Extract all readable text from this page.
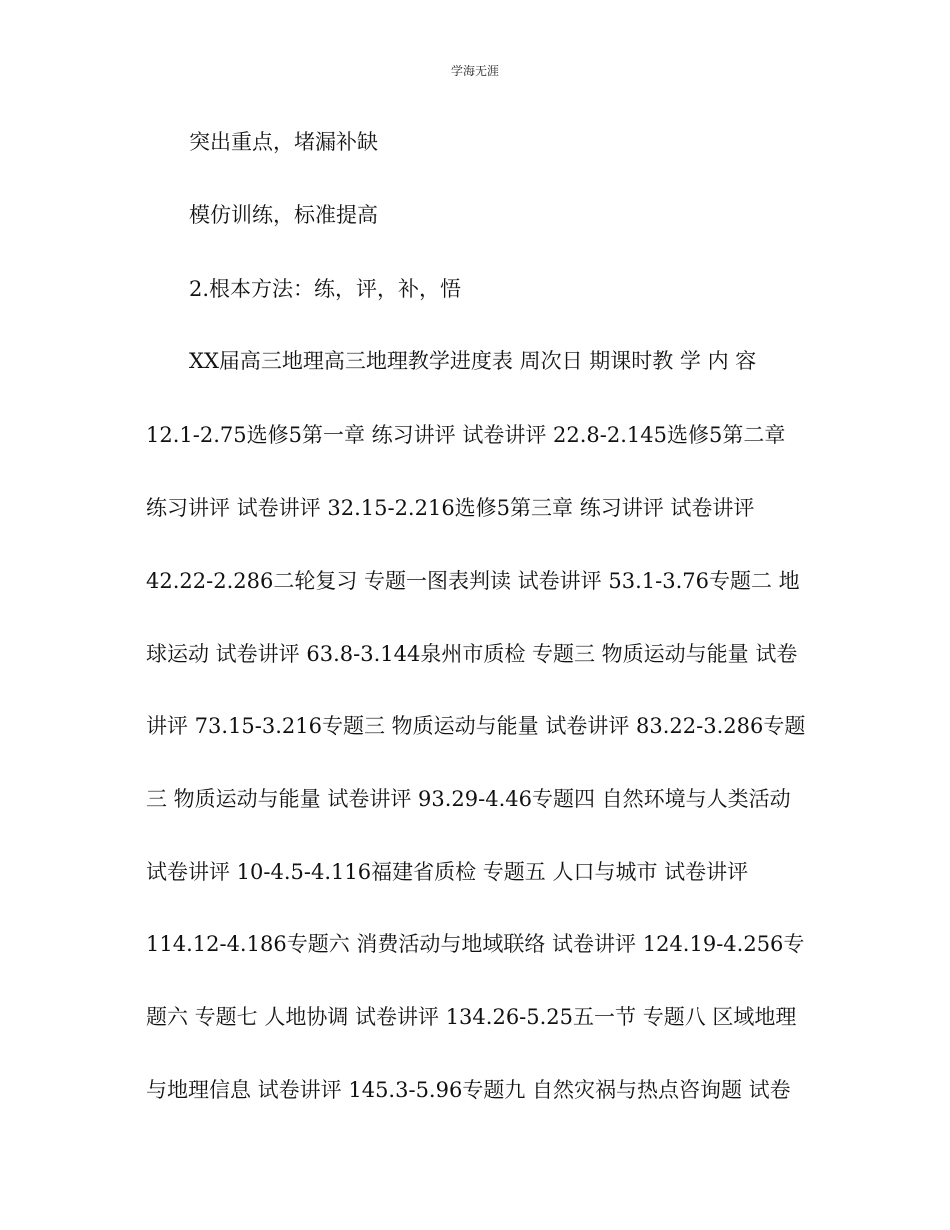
学海无涯
突出重点，堵漏补缺
模仿训练，标准提高
2.根本方法：练，评，补，悟
XX届高三地理高三地理教学进度表 周次日 期课时教 学 内 容
12.1-2.75选修5第一章 练习讲评 试卷讲评 22.8-2.145选修5第二章
练习讲评 试卷讲评 32.15-2.216选修5第三章 练习讲评 试卷讲评
42.22-2.286二轮复习 专题一图表判读 试卷讲评 53.1-3.76专题二 地
球运动 试卷讲评 63.8-3.144泉州市质检 专题三 物质运动与能量 试卷
讲评 73.15-3.216专题三 物质运动与能量 试卷讲评 83.22-3.286专题
三 物质运动与能量 试卷讲评 93.29-4.46专题四 自然环境与人类活动
试卷讲评 10-4.5-4.116福建省质检 专题五 人口与城市 试卷讲评
114.12-4.186专题六 消费活动与地域联络 试卷讲评 124.19-4.256专
题六 专题七 人地协调 试卷讲评 134.26-5.25五一节 专题八 区域地理
与地理信息 试卷讲评 145.3-5.96专题九 自然灾祸与热点咨询题 试卷
